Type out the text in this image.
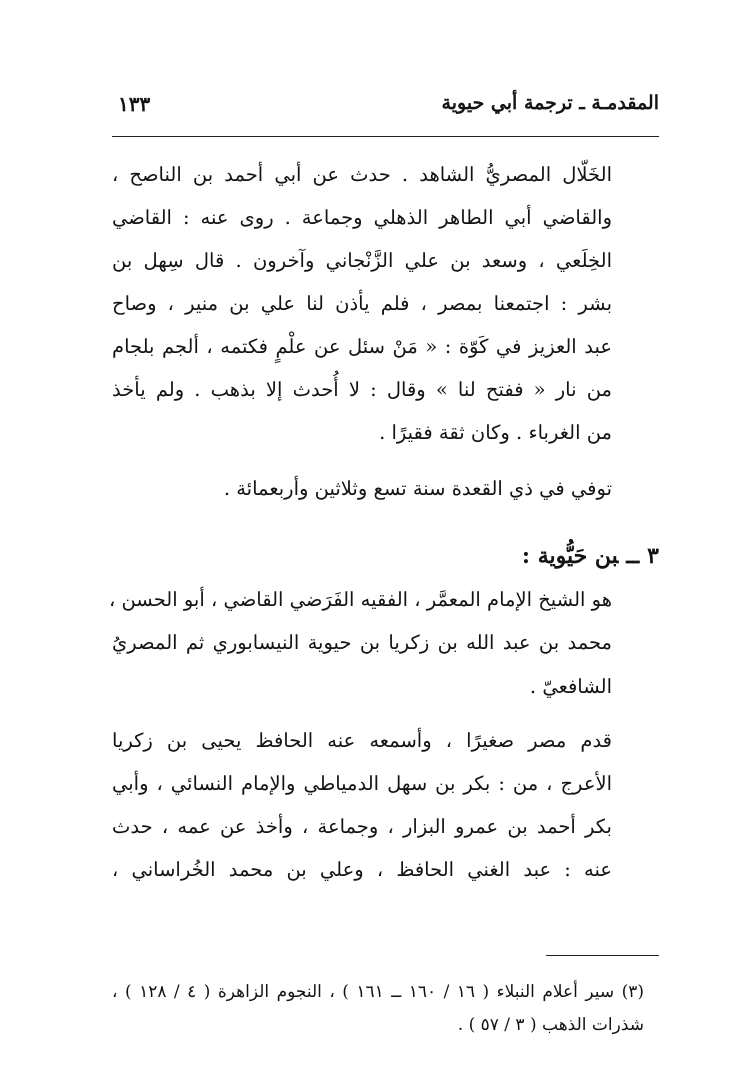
المقدمـة ـ ترجمة أبي حيوية
١٣٣
الخَلّال المصريُّ الشاهد . حدث عن أبي أحمد بن الناصح ،
والقاضي أبي الطاهر الذهلي وجماعة . روى عنه : القاضي
الخِلَعي ، وسعد بن علي الزَّنْجاني وآخرون . قال سِهل بن
بشر : اجتمعنا بمصر ، فلم يأذن لنا علي بن منير ، وصاح
عبد العزيز في كَوّة : « مَنْ سئل عن علْمٍ فكتمه ، ألجم بلجام
من نار « ففتح لنا » وقال : لا أُحدث إلا بذهب . ولم يأخذ
من الغرباء . وكان ثقة فقيرًا .
توفي في ذي القعدة سنة تسع وثلاثين وأربعمائة .
٣ــبن حَيُّوية :
هو الشيخ الإمام المعمَّر ، الفقيه الفَرَضي القاضي ، أبو الحسن ،
محمد بن عبد الله بن زكريا بن حيوية النيسابوري ثم المصريُ
الشافعيّ .
قدم مصر صغيرًا ، وأسمعه عنه الحافظ يحيى بن زكريا
الأعرج ، من : بكر بن سهل الدمياطي والإمام النسائي ، وأبي
بكر أحمد بن عمرو البزار ، وجماعة ، وأخذ عن عمه ، حدث
عنه : عبد الغني الحافظ ، وعلي بن محمد الخُراساني ،
(٣) سير أعلام النبلاء ( ١٦ / ١٦٠ ــ ١٦١ ) ، النجوم الزاهرة ( ٤ / ١٢٨ ) ،
شذرات الذهب ( ٣ / ٥٧ ) .
